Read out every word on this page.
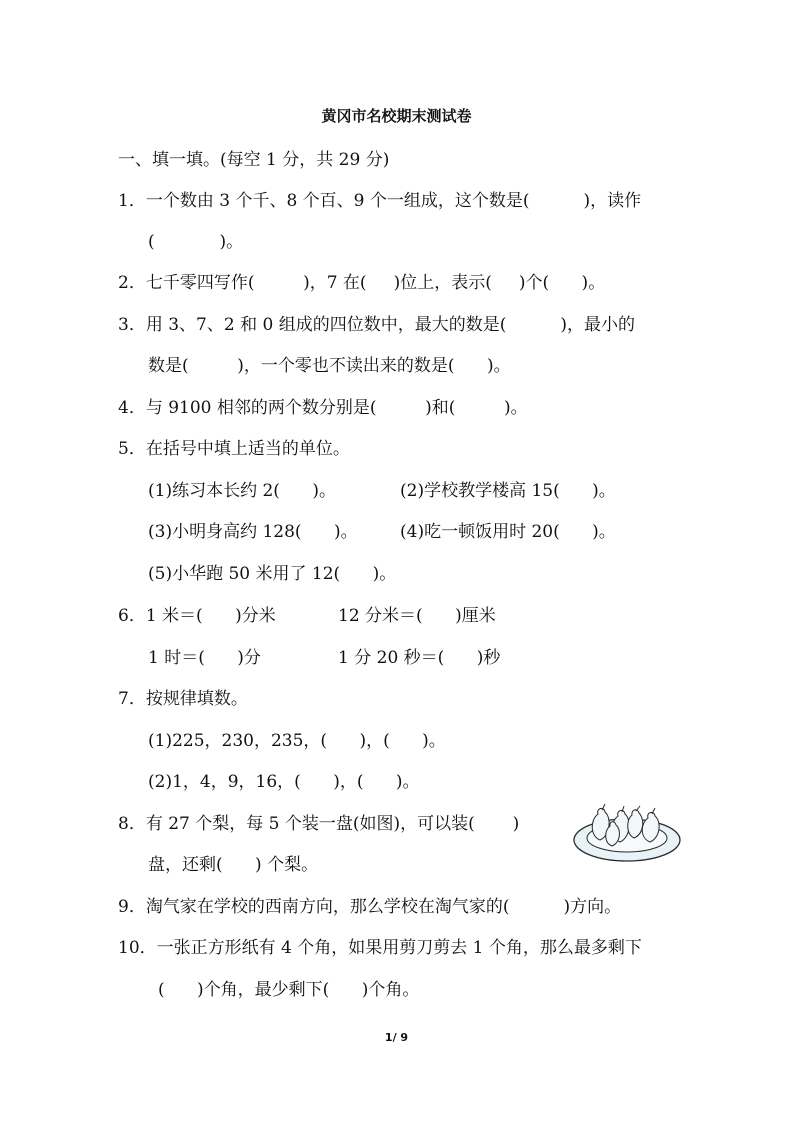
黄冈市名校期末测试卷
一、填一填。(每空 1 分，共 29 分)
1．一个数由 3 个千、8 个百、9 个一组成，这个数是(          )，读作
(            )。
2．七千零四写作(         )，7 在(     )位上，表示(     )个(      )。
3．用 3、7、2 和 0 组成的四位数中，最大的数是(          )，最小的
数是(         )，一个零也不读出来的数是(      )。
4．与 9100 相邻的两个数分别是(         )和(         )。
5．在括号中填上适当的单位。
(1)练习本长约 2(      )。	(2)学校教学楼高 15(      )。
(3)小明身高约 128(      )。 (4)吃一顿饭用时 20(      )。
(5)小华跑 50 米用了 12(      )。
6．1 米＝(      )分米	12 分米＝(      )厘米
1 时＝(      )分	1 分 20 秒＝(      )秒
7．按规律填数。
(1)225，230，235，(      )，(      )。
(2)1，4，9，16，(      )，(      )。
8．有 27 个梨，每 5 个装一盘(如图)，可以装(       )
盘，还剩(      ) 个梨。
9．淘气家在学校的西南方向，那么学校在淘气家的(          )方向。
10．一张正方形纸有 4 个角，如果用剪刀剪去 1 个角，那么最多剩下
(      )个角，最少剩下(      )个角。
1/ 9
